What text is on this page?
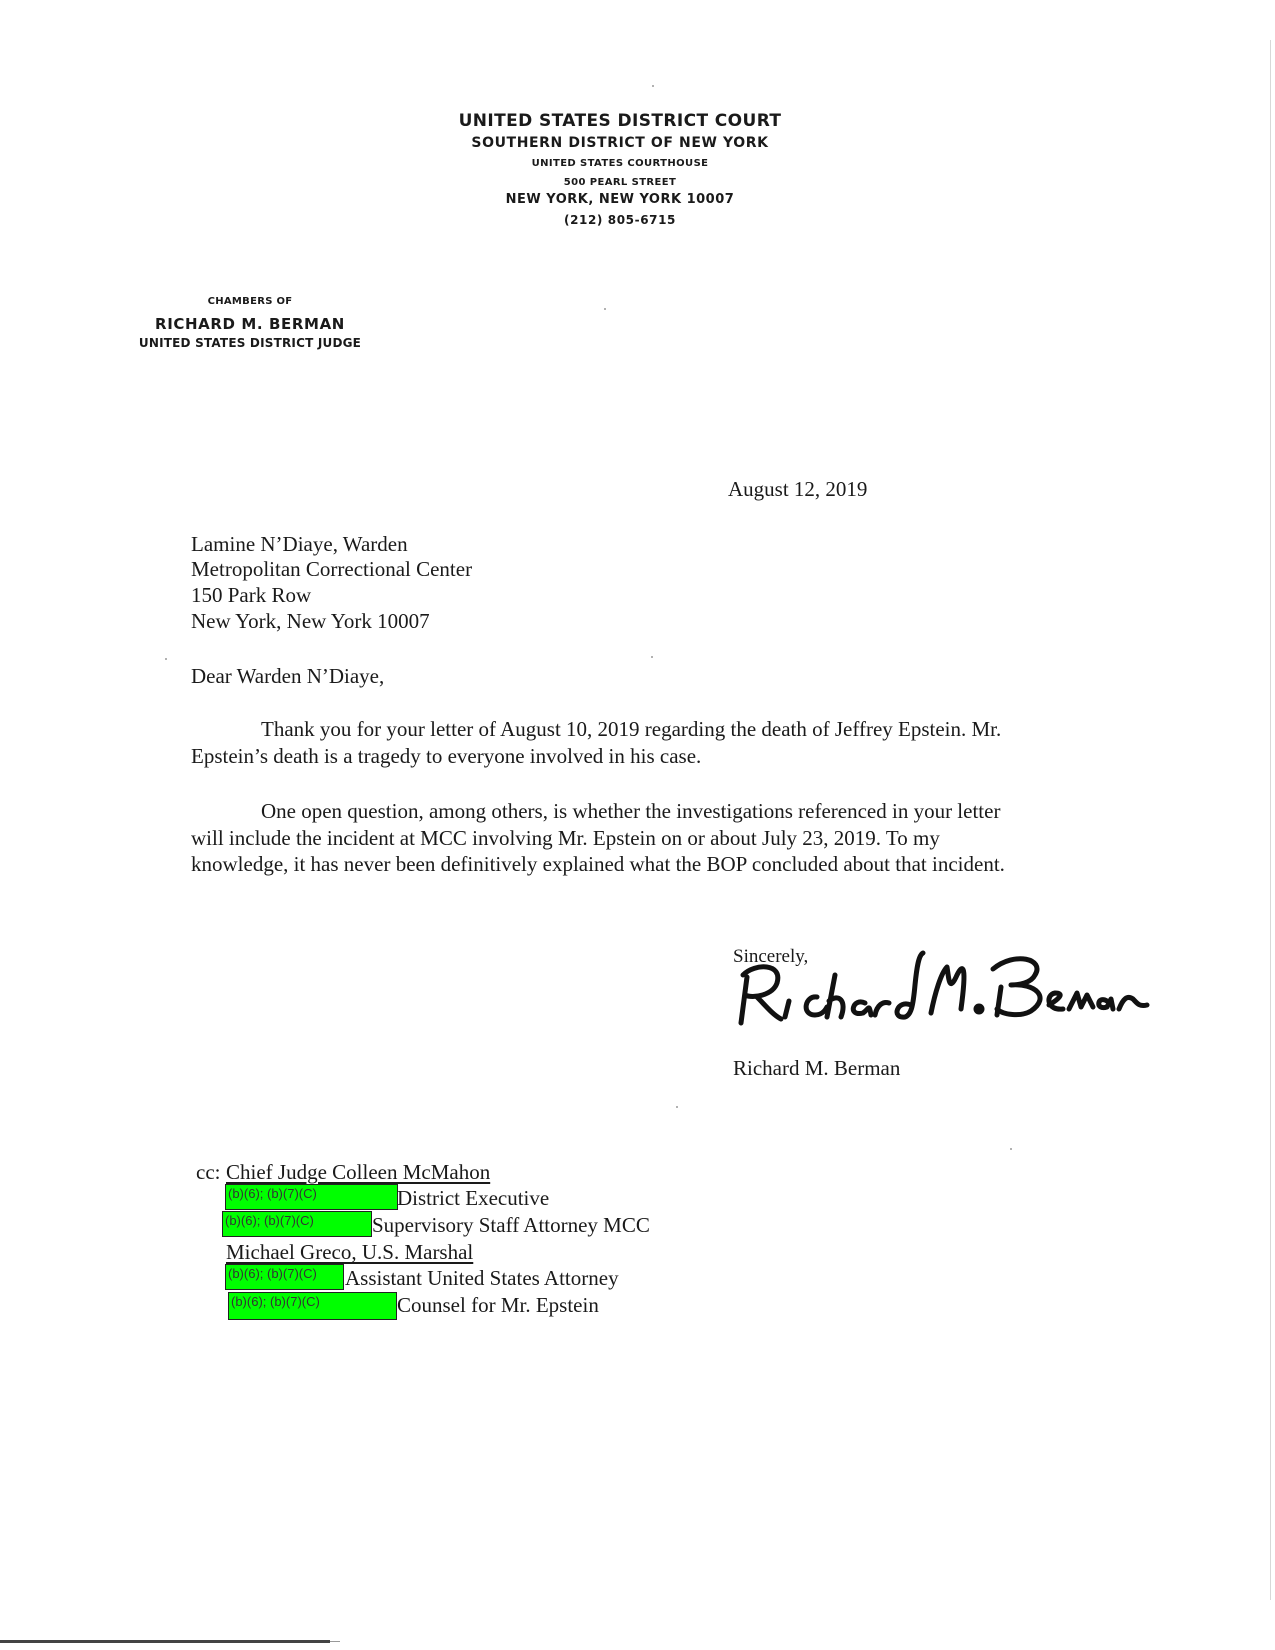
UNITED STATES DISTRICT COURT
SOUTHERN DISTRICT OF NEW YORK
UNITED STATES COURTHOUSE
500 PEARL STREET
NEW YORK, NEW YORK 10007
(212) 805-6715
CHAMBERS OF
RICHARD M. BERMAN
UNITED STATES DISTRICT JUDGE
August 12, 2019
Lamine N’Diaye, Warden
Metropolitan Correctional Center
150 Park Row
New York, New York 10007
Dear Warden N’Diaye,
Thank you for your letter of August 10, 2019 regarding the death of Jeffrey Epstein. Mr.
Epstein’s death is a tragedy to everyone involved in his case.
One open question, among others, is whether the investigations referenced in your letter
will include the incident at MCC involving Mr. Epstein on or about July 23, 2019. To my
knowledge, it has never been definitively explained what the BOP concluded about that incident.
Sincerely,
Richard M. Berman
cc: Chief Judge Colleen McMahon
(b)(6); (b)(7)(C)	District Executive
(b)(6); (b)(7)(C)	Supervisory Staff Attorney MCC
Michael Greco, U.S. Marshal
(b)(6); (b)(7)(C)	Assistant United States Attorney
(b)(6); (b)(7)(C)	Counsel for Mr. Epstein
